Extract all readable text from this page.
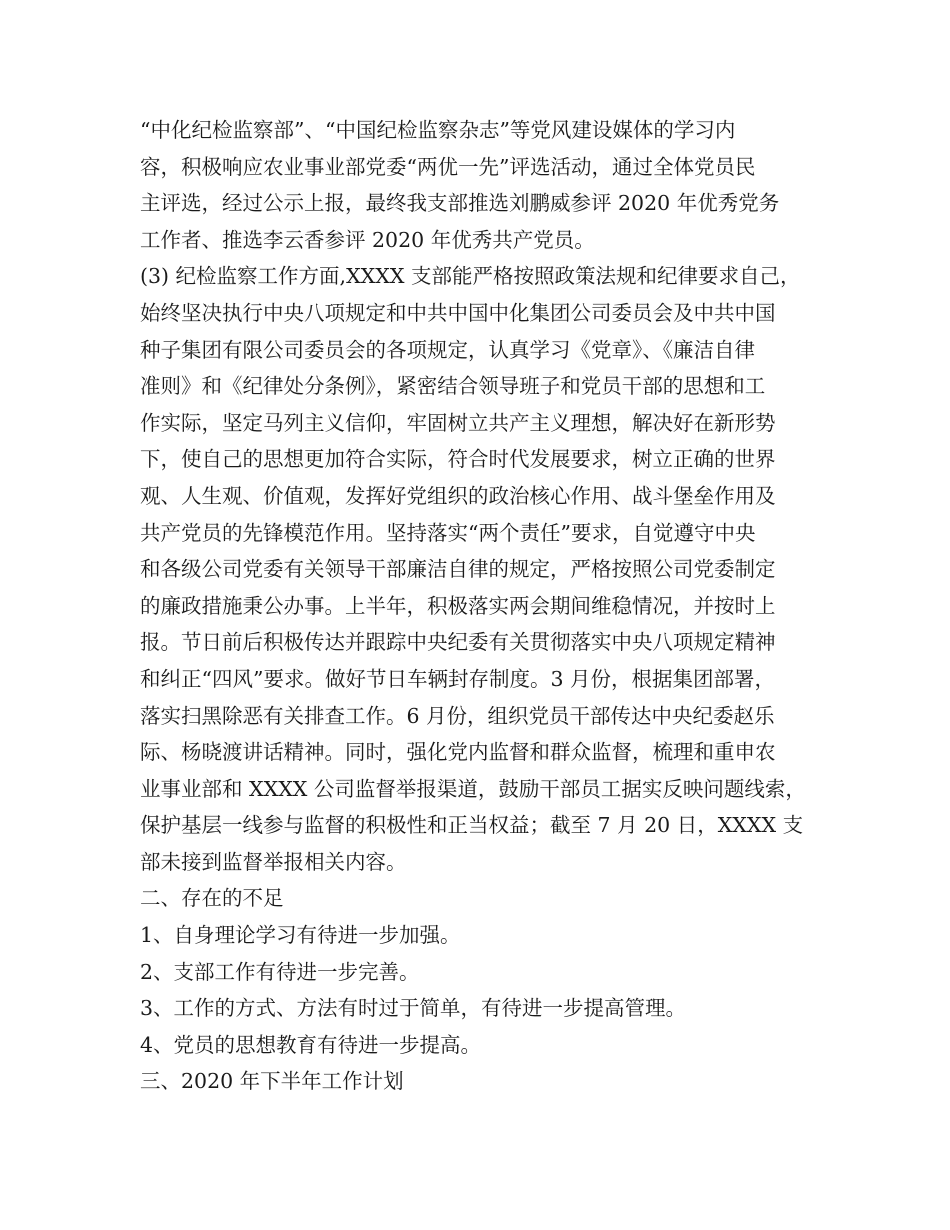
“中化纪检监察部”、“中国纪检监察杂志”等党风建设媒体的学习内
容，积极响应农业事业部党委“两优一先”评选活动，通过全体党员民
主评选，经过公示上报，最终我支部推选刘鹏威参评 2020 年优秀党务
工作者、推选李云香参评 2020 年优秀共产党员。
(3) 纪检监察工作方面,XXXX 支部能严格按照政策法规和纪律要求自己，
始终坚决执行中央八项规定和中共中国中化集团公司委员会及中共中国
种子集团有限公司委员会的各项规定，认真学习《党章》、《廉洁自律
准则》和《纪律处分条例》，紧密结合领导班子和党员干部的思想和工
作实际，坚定马列主义信仰，牢固树立共产主义理想，解决好在新形势
下，使自己的思想更加符合实际，符合时代发展要求，树立正确的世界
观、人生观、价值观，发挥好党组织的政治核心作用、战斗堡垒作用及
共产党员的先锋模范作用。坚持落实“两个责任”要求，自觉遵守中央
和各级公司党委有关领导干部廉洁自律的规定，严格按照公司党委制定
的廉政措施秉公办事。上半年，积极落实两会期间维稳情况，并按时上
报。节日前后积极传达并跟踪中央纪委有关贯彻落实中央八项规定精神
和纠正“四风”要求。做好节日车辆封存制度。3 月份，根据集团部署，
落实扫黑除恶有关排查工作。6 月份，组织党员干部传达中央纪委赵乐
际、杨晓渡讲话精神。同时，强化党内监督和群众监督，梳理和重申农
业事业部和 XXXX 公司监督举报渠道，鼓励干部员工据实反映问题线索，
保护基层一线参与监督的积极性和正当权益；截至 7 月 20 日，XXXX 支
部未接到监督举报相关内容。
二、存在的不足
1、自身理论学习有待进一步加强。
2、支部工作有待进一步完善。
3、工作的方式、方法有时过于简单，有待进一步提高管理。
4、党员的思想教育有待进一步提高。
三、2020 年下半年工作计划
